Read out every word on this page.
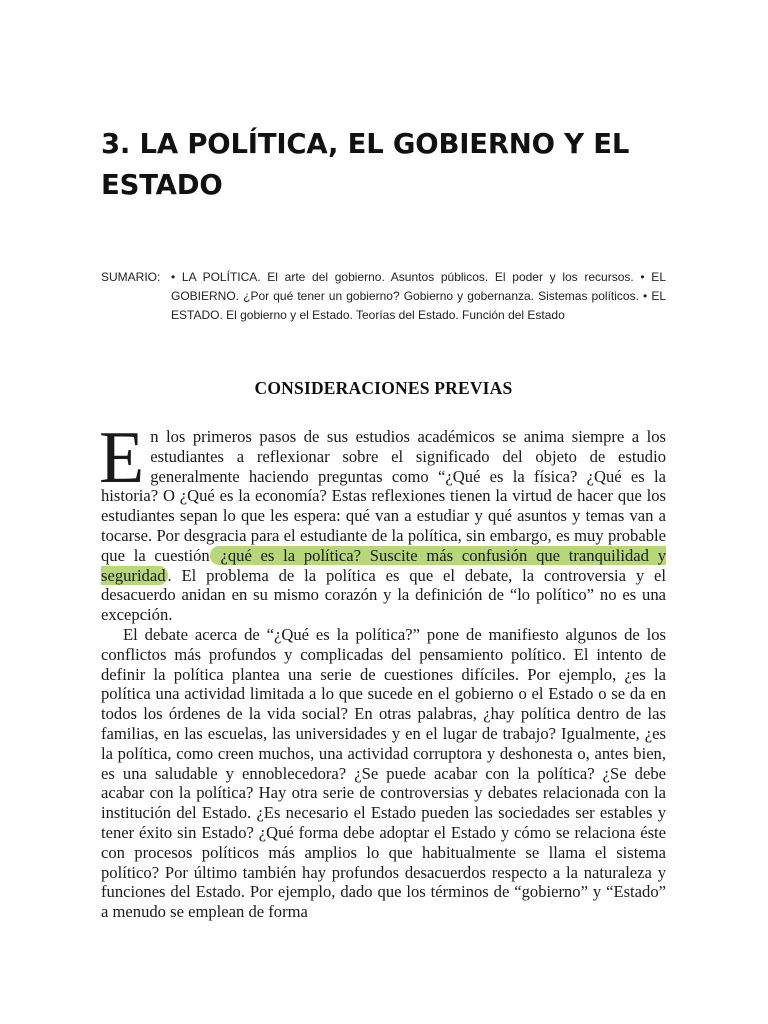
3. LA POLÍTICA, EL GOBIERNO Y EL ESTADO
SUMARIO: • LA POLÍTICA. El arte del gobierno. Asuntos públicos. El poder y los recursos. • EL GOBIERNO. ¿Por qué tener un gobierno? Gobierno y gobernanza. Sistemas políticos. • EL ESTADO. El gobierno y el Estado. Teorías del Estado. Función del Estado
CONSIDERACIONES PREVIAS

En los primeros pasos de sus estudios académicos se anima siempre a los estudiantes a reflexionar sobre el significado del objeto de estudio generalmente haciendo preguntas como “¿Qué es la física? ¿Qué es la historia? O ¿Qué es la economía? Estas reflexiones tienen la virtud de hacer que los estudiantes sepan lo que les espera: qué van a estudiar y qué asuntos y temas van a tocarse. Por desgracia para el estudiante de la política, sin embargo, es muy probable que la cuestión ¿qué es la política? Suscite más confusión que tranquilidad y seguridad . El problema de la política es que el debate, la controversia y el desacuerdo anidan en su mismo corazón y la definición de “lo político” no es una excepción.

El debate acerca de “¿Qué es la política?” pone de manifiesto algunos de los conflictos más profundos y complicadas del pensamiento político. El intento de definir la política plantea una serie de cuestiones difíciles. Por ejemplo, ¿es la política una actividad limitada a lo que sucede en el gobierno o el Estado o se da en todos los órdenes de la vida social? En otras palabras, ¿hay política dentro de las familias, en las escuelas, las universidades y en el lugar de trabajo? Igualmente, ¿es la política, como creen muchos, una actividad corruptora y deshonesta o, antes bien, es una saludable y ennoblecedora? ¿Se puede acabar con la política? ¿Se debe acabar con la política? Hay otra serie de controversias y debates relacionada con la institución del Estado. ¿Es necesario el Estado pueden las sociedades ser estables y tener éxito sin Estado? ¿Qué forma debe adoptar el Estado y cómo se relaciona éste con procesos políticos más amplios lo que habitualmente se llama el sistema político? Por último también hay profundos desacuerdos respecto a la naturaleza y funciones del Estado. Por ejemplo, dado que los términos de “gobierno” y “Estado” a menudo se emplean de forma
